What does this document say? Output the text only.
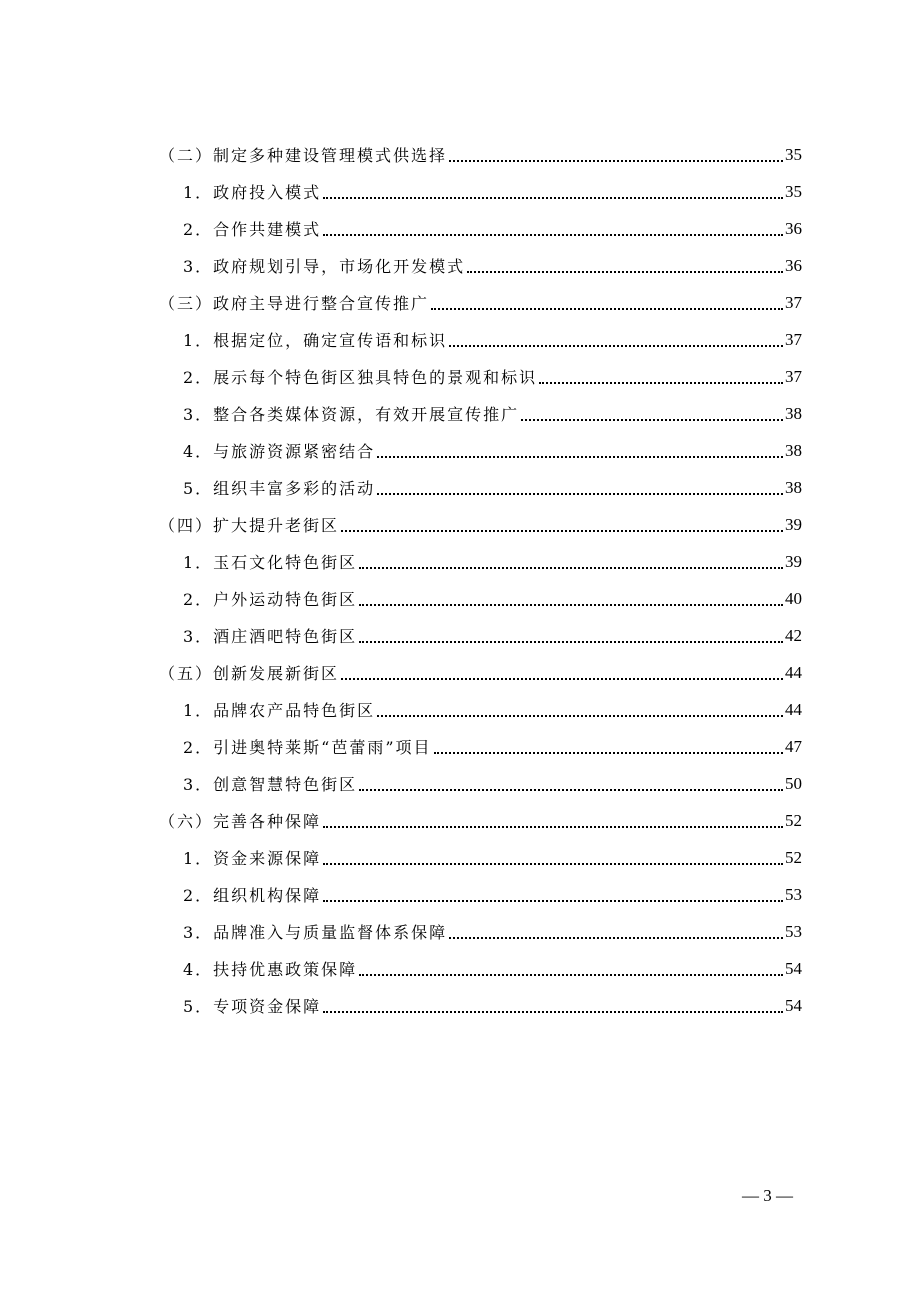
（二）制定多种建设管理模式供选择	35
1．政府投入模式	35
2．合作共建模式	36
3．政府规划引导，市场化开发模式	36
（三）政府主导进行整合宣传推广	37
1．根据定位，确定宣传语和标识	37
2．展示每个特色街区独具特色的景观和标识	37
3．整合各类媒体资源，有效开展宣传推广	38
4．与旅游资源紧密结合	38
5．组织丰富多彩的活动	38
（四）扩大提升老街区	39
1．玉石文化特色街区	39
2．户外运动特色街区	40
3．酒庄酒吧特色街区	42
（五）创新发展新街区	44
1．品牌农产品特色街区	44
2．引进奥特莱斯“芭蕾雨”项目	47
3．创意智慧特色街区	50
（六）完善各种保障	52
1．资金来源保障	52
2．组织机构保障	53
3．品牌准入与质量监督体系保障	53
4．扶持优惠政策保障	54
5．专项资金保障	54
— 3 —
